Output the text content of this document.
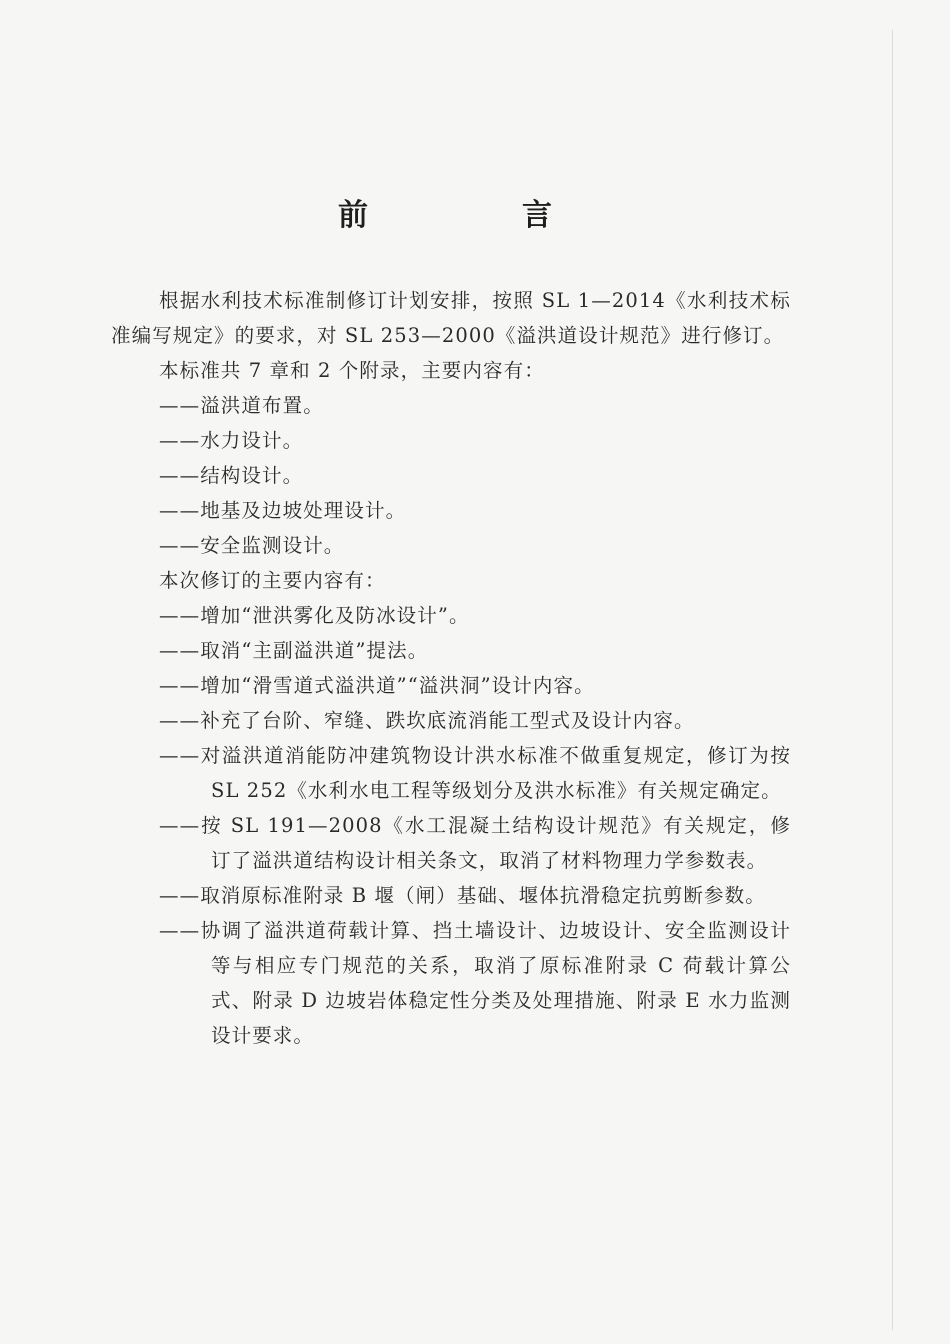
前　言

根据水利技术标准制修订计划安排，按照 SL 1—2014《水利技术标准编写规定》的要求，对 SL 253—2000《溢洪道设计规范》进行修订。

本标准共 7 章和 2 个附录，主要内容有：

——溢洪道布置。

——水力设计。

——结构设计。

——地基及边坡处理设计。

——安全监测设计。

本次修订的主要内容有：

——增加“泄洪雾化及防冰设计”。

——取消“主副溢洪道”提法。

——增加“滑雪道式溢洪道”“溢洪洞”设计内容。

——补充了台阶、窄缝、跌坎底流消能工型式及设计内容。

——对溢洪道消能防冲建筑物设计洪水标准不做重复规定，修订为按 SL 252《水利水电工程等级划分及洪水标准》有关规定确定。

——按 SL 191—2008《水工混凝土结构设计规范》有关规定，修订了溢洪道结构设计相关条文，取消了材料物理力学参数表。

——取消原标准附录 B 堰（闸）基础、堰体抗滑稳定抗剪断参数。

——协调了溢洪道荷载计算、挡土墙设计、边坡设计、安全监测设计等与相应专门规范的关系，取消了原标准附录 C 荷载计算公式、附录 D 边坡岩体稳定性分类及处理措施、附录 E 水力监测设计要求。
